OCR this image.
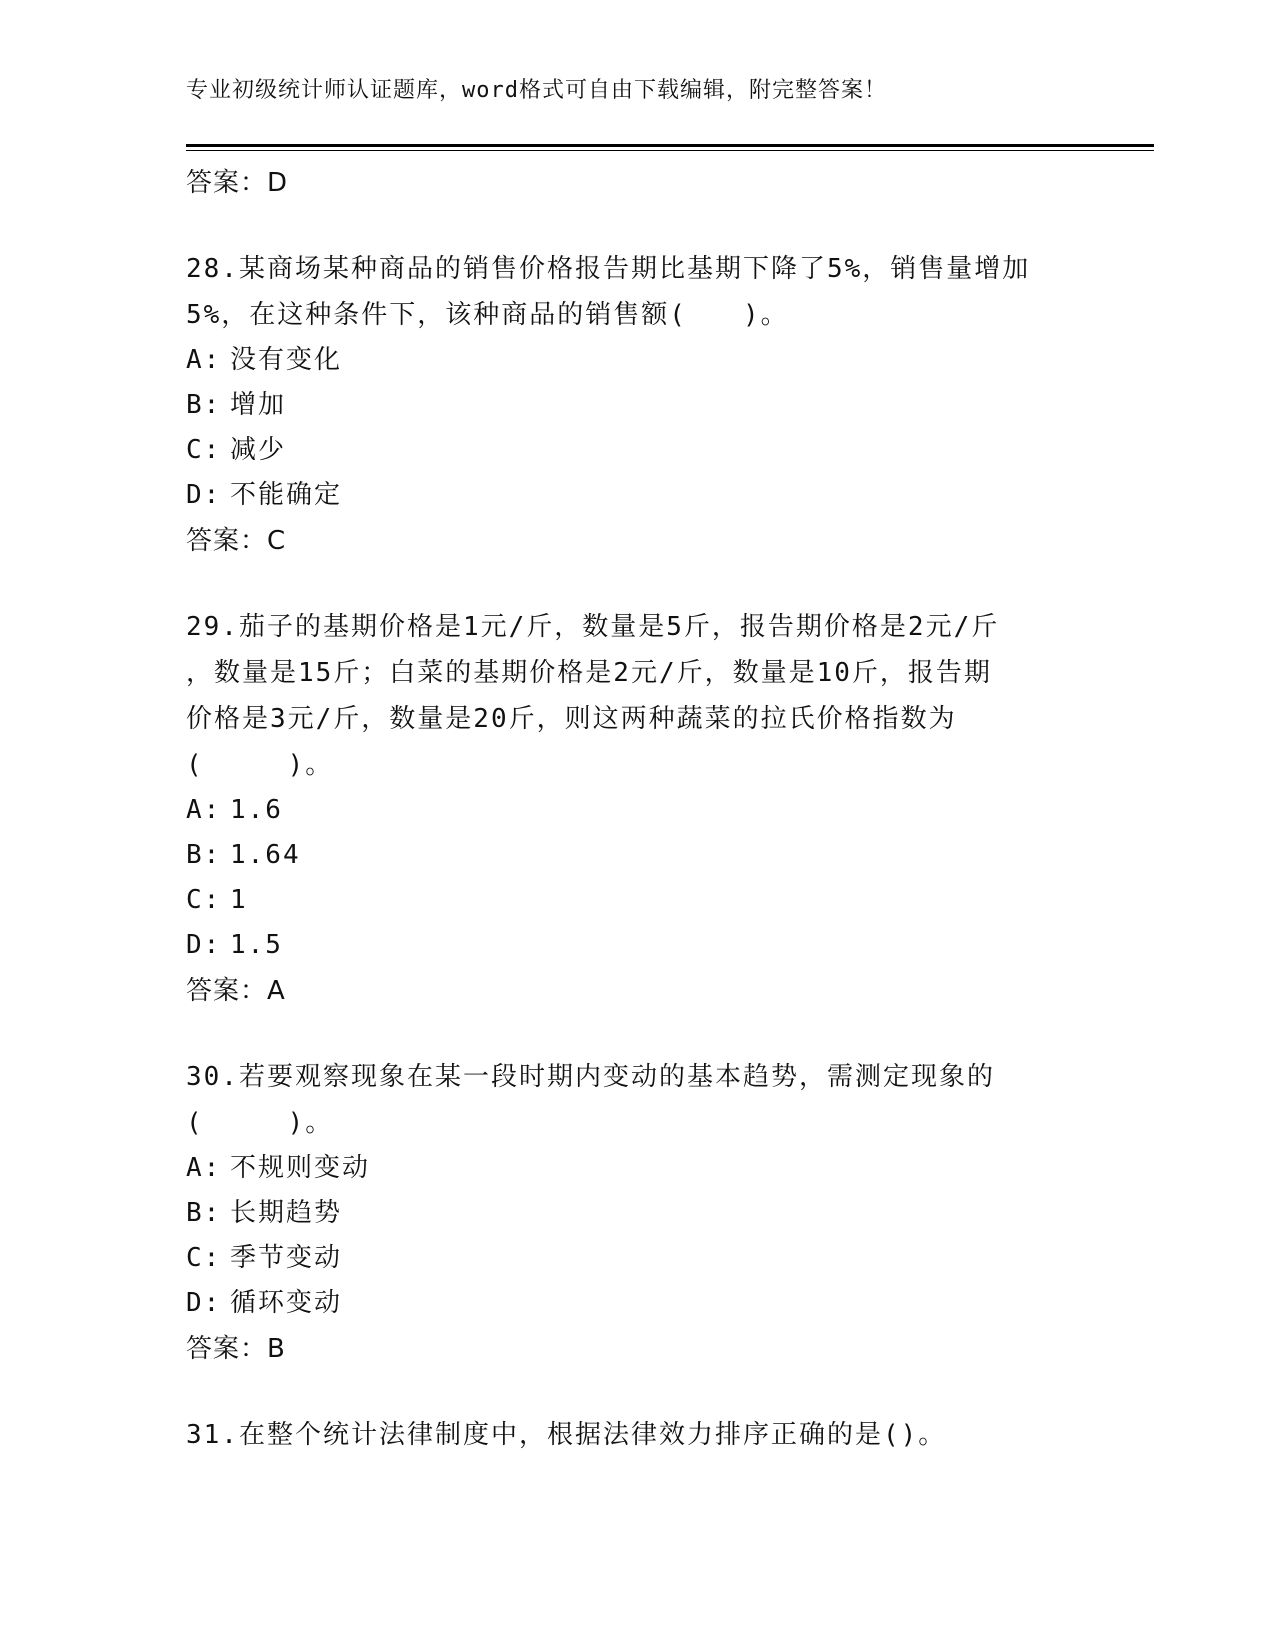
专业初级统计师认证题库，word格式可自由下载编辑，附完整答案！
答案：D
28.某商场某种商品的销售价格报告期比基期下降了5%，销售量增加
5%，在这种条件下，该种商品的销售额(　　)。
A: 没有变化
B: 增加
C: 减少
D: 不能确定
答案：C
29.茄子的基期价格是1元/斤，数量是5斤，报告期价格是2元/斤
，数量是15斤；白菜的基期价格是2元/斤，数量是10斤，报告期
价格是3元/斤，数量是20斤，则这两种蔬菜的拉氏价格指数为
(　　　)。
A: 1.6
B: 1.64
C: 1
D: 1.5
答案：A
30.若要观察现象在某一段时期内变动的基本趋势，需测定现象的
(　　　)。
A: 不规则变动
B: 长期趋势
C: 季节变动
D: 循环变动
答案：B
31.在整个统计法律制度中，根据法律效力排序正确的是()。
